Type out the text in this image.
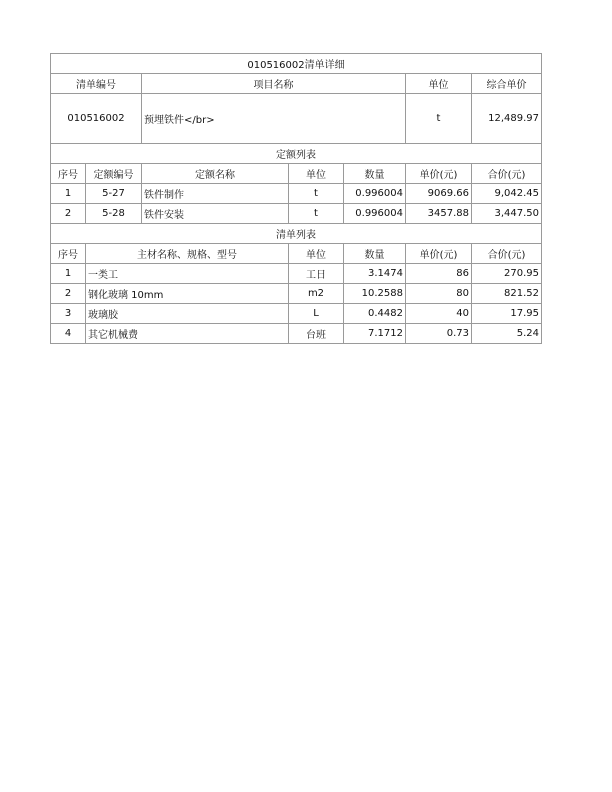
010516002清单详细						
清单编号		项目名称			单位	综合单价
010516002		预埋铁件</br>			t	12,489.97
定额列表						
序号	定额编号	定额名称	单位	数量	单价(元)	合价(元)
1	5-27	铁件制作	t	0.996004	9069.66	9,042.45
2	5-28	铁件安装	t	0.996004	3457.88	3,447.50
清单列表						
序号	主材名称、规格、型号		单位	数量	单价(元)	合价(元)
1	一类工		工日	3.1474	86	270.95
2	钢化玻璃 10mm		m2	10.2588	80	821.52
3	玻璃胶		L	0.4482	40	17.95
4	其它机械费		台班	7.1712	0.73	5.24
